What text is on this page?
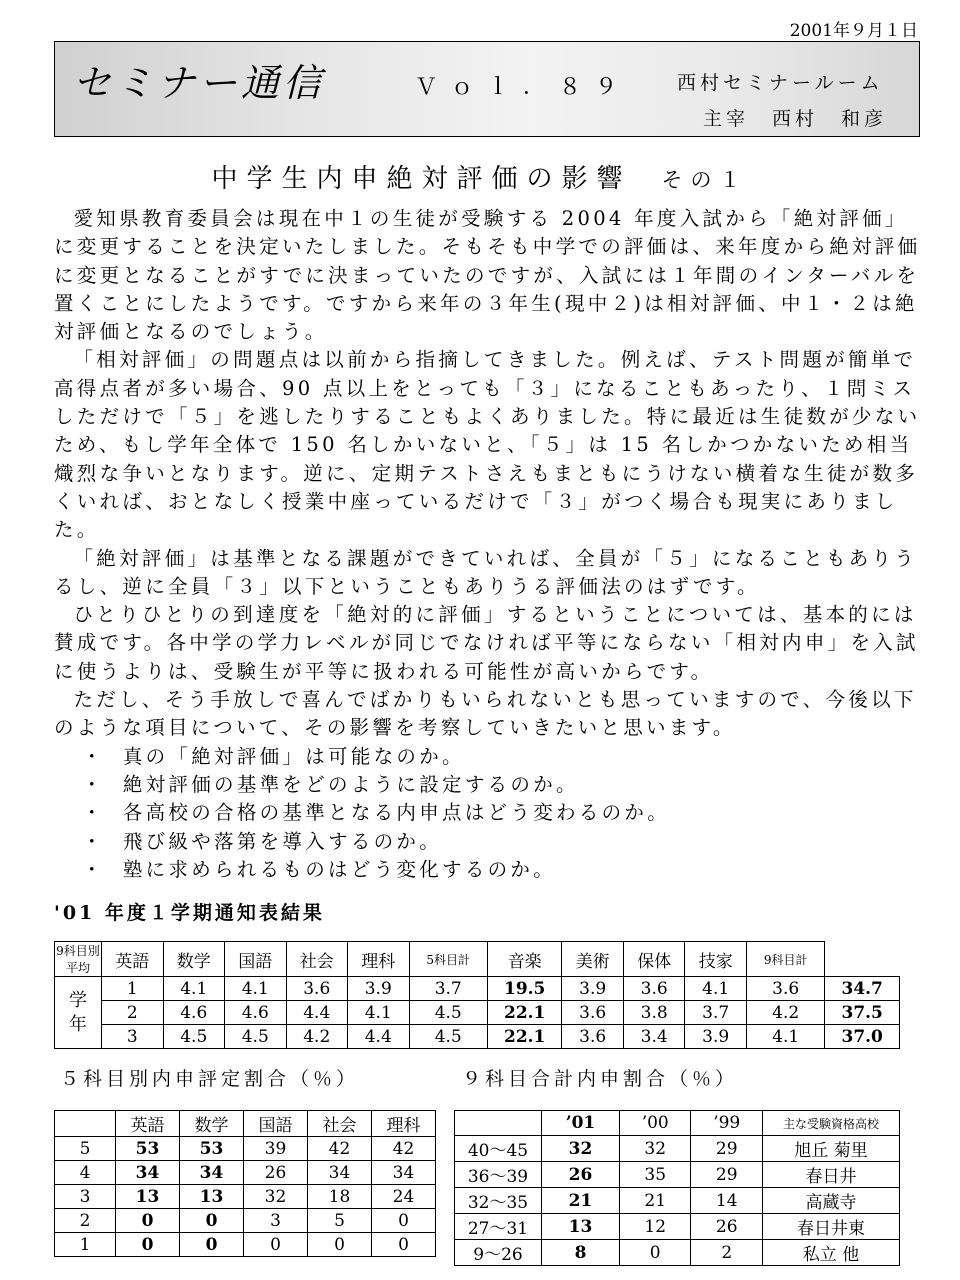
2001年９月１日
セミナー通信	Ｖｏｌ．８９ 西村セミナールーム
主宰　西村　和彦
中学生内申絶対評価の影響 その１

愛知県教育委員会は現在中１の生徒が受験する 2004 年度入試から「絶対評価」に変更することを決定いたしました。そもそも中学での評価は、来年度から絶対評価に変更となることがすでに決まっていたのですが、入試には１年間のインターバルを置くことにしたようです。ですから来年の３年生(現中２)は相対評価、中１・２は絶対評価となるのでしょう。

「相対評価」の問題点は以前から指摘してきました。例えば、テスト問題が簡単で高得点者が多い場合、90 点以上をとっても「３」になることもあったり、１問ミスしただけで「５」を逃したりすることもよくありました。特に最近は生徒数が少ないため、もし学年全体で 150 名しかいないと、「５」は 15 名しかつかないため相当熾烈な争いとなります。逆に、定期テストさえもまともにうけない横着な生徒が数多くいれば、おとなしく授業中座っているだけで「３」がつく場合も現実にありました。

「絶対評価」は基準となる課題ができていれば、全員が「５」になることもありうるし、逆に全員「３」以下ということもありうる評価法のはずです。

ひとりひとりの到達度を「絶対的に評価」するということについては、基本的には賛成です。各中学の学力レベルが同じでなければ平等にならない「相対内申」を入試に使うよりは、受験生が平等に扱われる可能性が高いからです。

ただし、そう手放しで喜んでばかりもいられないとも思っていますので、今後以下のような項目について、その影響を考察していきたいと思います。

・ 真の「絶対評価」は可能なのか。
・ 絶対評価の基準をどのように設定するのか。
・ 各高校の合格の基準となる内申点はどう変わるのか。
・ 飛び級や落第を導入するのか。
・ 塾に求められるものはどう変化するのか。
'01 年度１学期通知表結果
9科目別平均	英語	数学	国語	社会	理科	5科目計	音楽	美術	保体	技家	9科目計	

学年	1	4.1	4.1	3.6	3.9	3.7	19.5	3.9	3.6	4.1	3.6	34.7
	2	4.6	4.6	4.4	4.1	4.5	22.1	3.6	3.8	3.7	4.2	37.5
	3	4.5	4.5	4.2	4.4	4.5	22.1	3.6	3.4	3.9	4.1	37.0
５科目別内申評定割合（％）	９科目合計内申割合（％）
	英語	数学	国語	社会	理科
5	53	53	39	42	42
4	34	34	26	34	34
3	13	13	32	18	24
2	0	0	3	5	0
1	0	0	0	0	0
	’01	’00	’99	主な受験資格高校
40～45	32	32	29	旭丘 菊里
36～39	26	35	29	春日井
32～35	21	21	14	高蔵寺
27～31	13	12	26	春日井東
9～26	8	0	2	私立 他
